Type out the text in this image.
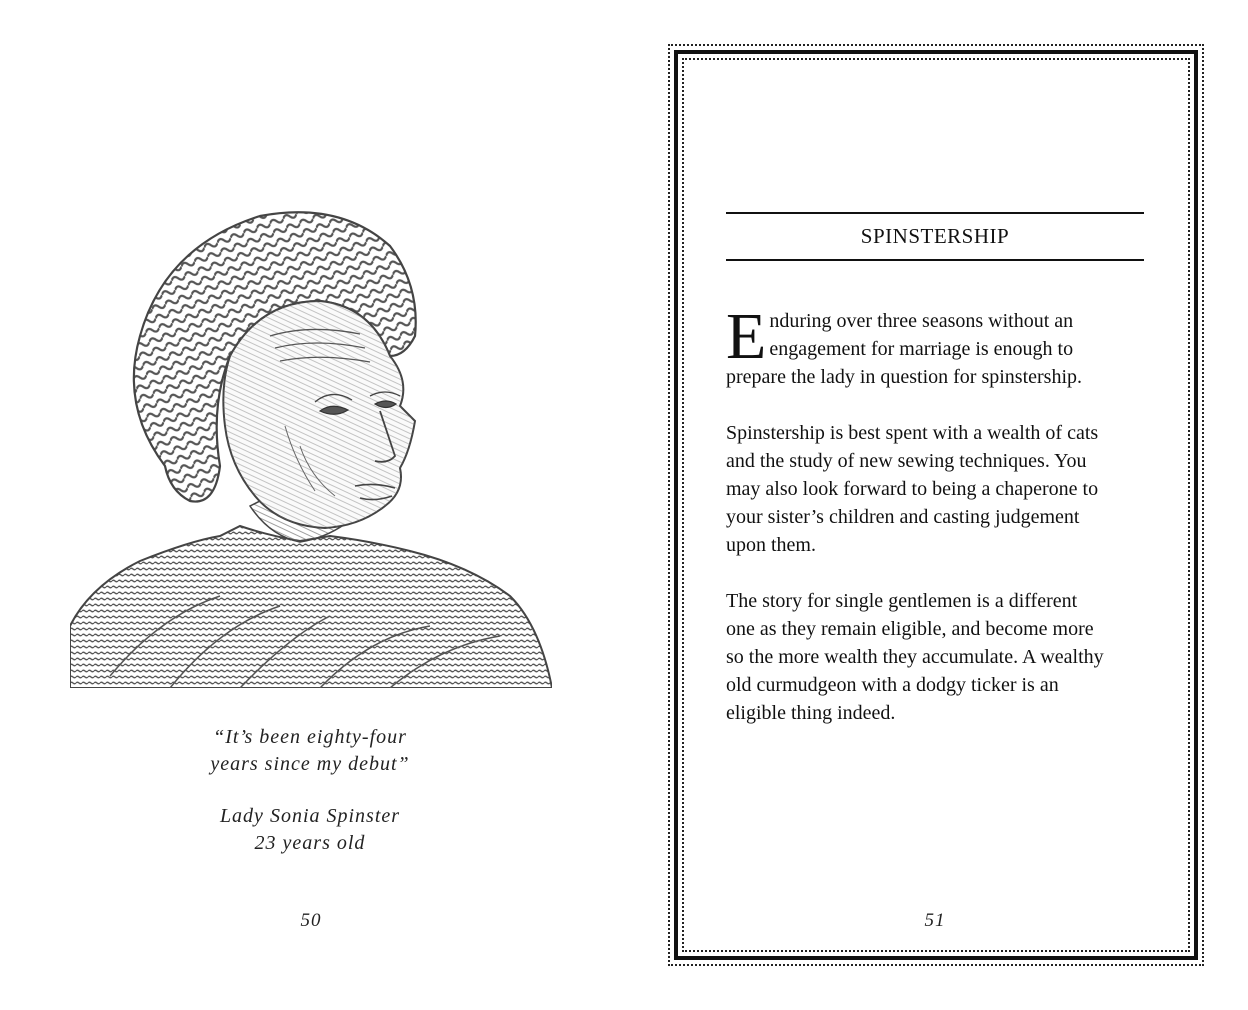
“It’s been eighty-four
years since my debut”
Lady Sonia Spinster
23 years old
50
SPINSTERSHIP
E nduring over three seasons without an
engagement for marriage is enough to
prepare the lady in question for spinstership.
Spinstership is best spent with a wealth of cats
and the study of new sewing techniques. You
may also look forward to being a chaperone to
your sister’s children and casting judgement
upon them.
The story for single gentlemen is a different
one as they remain eligible, and become more
so the more wealth they accumulate. A wealthy
old curmudgeon with a dodgy ticker is an
eligible thing indeed.
51
